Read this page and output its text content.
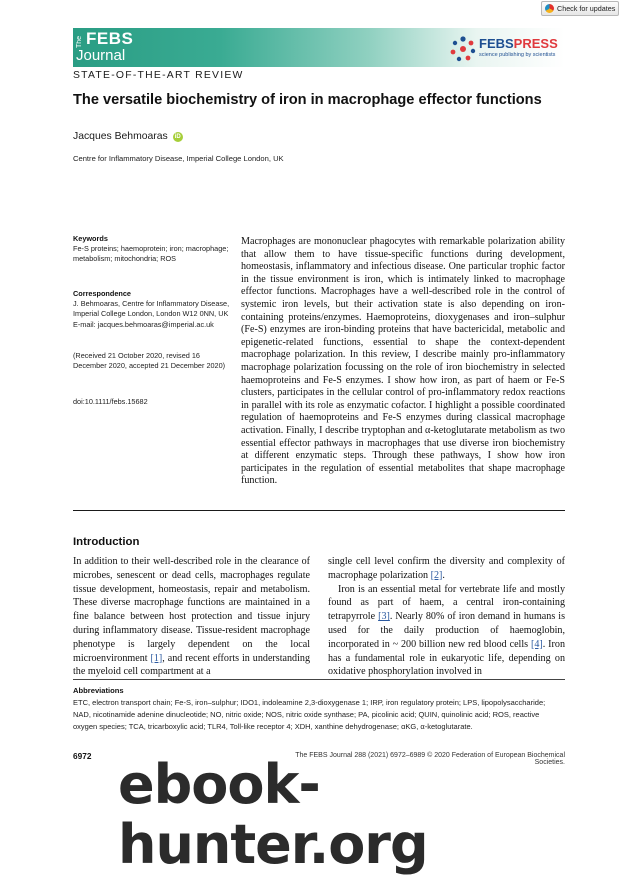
Check for updates
The FEBS
Journal
FEBSPRESS
science publishing by scientists
STATE-OF-THE-ART REVIEW
The versatile biochemistry of iron in macrophage effector functions
Jacques Behmoaras	iD
Centre for Inflammatory Disease, Imperial College London, UK
Keywords
Fe-S proteins; haemoprotein; iron; macrophage; metabolism; mitochondria; ROS
Correspondence
J. Behmoaras, Centre for Inflammatory Disease, Imperial College London, London W12 0NN, UK
E-mail: jacques.behmoaras@imperial.ac.uk
(Received 21 October 2020, revised 16 December 2020, accepted 21 December 2020)
doi:10.1111/febs.15682
Macrophages are mononuclear phagocytes with remarkable polarization ability that allow them to have tissue-specific functions during development, homeostasis, inflammatory and infectious disease. One particular trophic factor in the tissue environment is iron, which is intimately linked to macrophage effector functions. Macrophages have a well-described role in the control of systemic iron levels, but their activation state is also depending on iron-containing proteins/enzymes. Haemoproteins, dioxygenases and iron–sulphur (Fe-S) enzymes are iron-binding proteins that have bactericidal, metabolic and epigenetic-related functions, essential to shape the context-dependent macrophage polarization. In this review, I describe mainly pro-inflammatory macrophage polarization focussing on the role of iron biochemistry in selected haemoproteins and Fe-S enzymes. I show how iron, as part of haem or Fe-S clusters, participates in the cellular control of pro-inflammatory redox reactions in parallel with its role as enzymatic cofactor. I highlight a possible coordinated regulation of haemoproteins and Fe-S enzymes during classical macrophage activation. Finally, I describe tryptophan and α-ketoglutarate metabolism as two essential effector pathways in macrophages that use diverse iron biochemistry at different enzymatic steps. Through these pathways, I show how iron participates in the regulation of essential metabolites that shape macrophage function.
Introduction
In addition to their well-described role in the clearance of microbes, senescent or dead cells, macrophages regulate tissue development, homeostasis, repair and metabolism. These diverse macrophage functions are maintained in a fine balance between host protection and tissue injury during inflammatory disease. Tissue-resident macrophage phenotype is largely dependent on the local microenvironment [1], and recent efforts in understanding the myeloid cell compartment at a
single cell level confirm the diversity and complexity of macrophage polarization [2].
Iron is an essential metal for vertebrate life and mostly found as part of haem, a central iron-containing tetrapyrrole [3]. Nearly 80% of iron demand in humans is used for the daily production of haemoglobin, incorporated in ~ 200 billion new red blood cells [4]. Iron has a fundamental role in eukaryotic life, depending on oxidative phosphorylation involved in
Abbreviations
ETC, electron transport chain; Fe-S, iron–sulphur; IDO1, indoleamine 2,3-dioxygenase 1; IRP, iron regulatory protein; LPS, lipopolysaccharide; NAD, nicotinamide adenine dinucleotide; NO, nitric oxide; NOS, nitric oxide synthase; PA, picolinic acid; QUIN, quinolinic acid; ROS, reactive oxygen species; TCA, tricarboxylic acid; TLR4, Toll-like receptor 4; XDH, xanthine dehydrogenase; αKG, α-ketoglutarate.
6972	The FEBS Journal 288 (2021) 6972–6989 © 2020 Federation of European Biochemical Societies.
ebook-hunter.org
